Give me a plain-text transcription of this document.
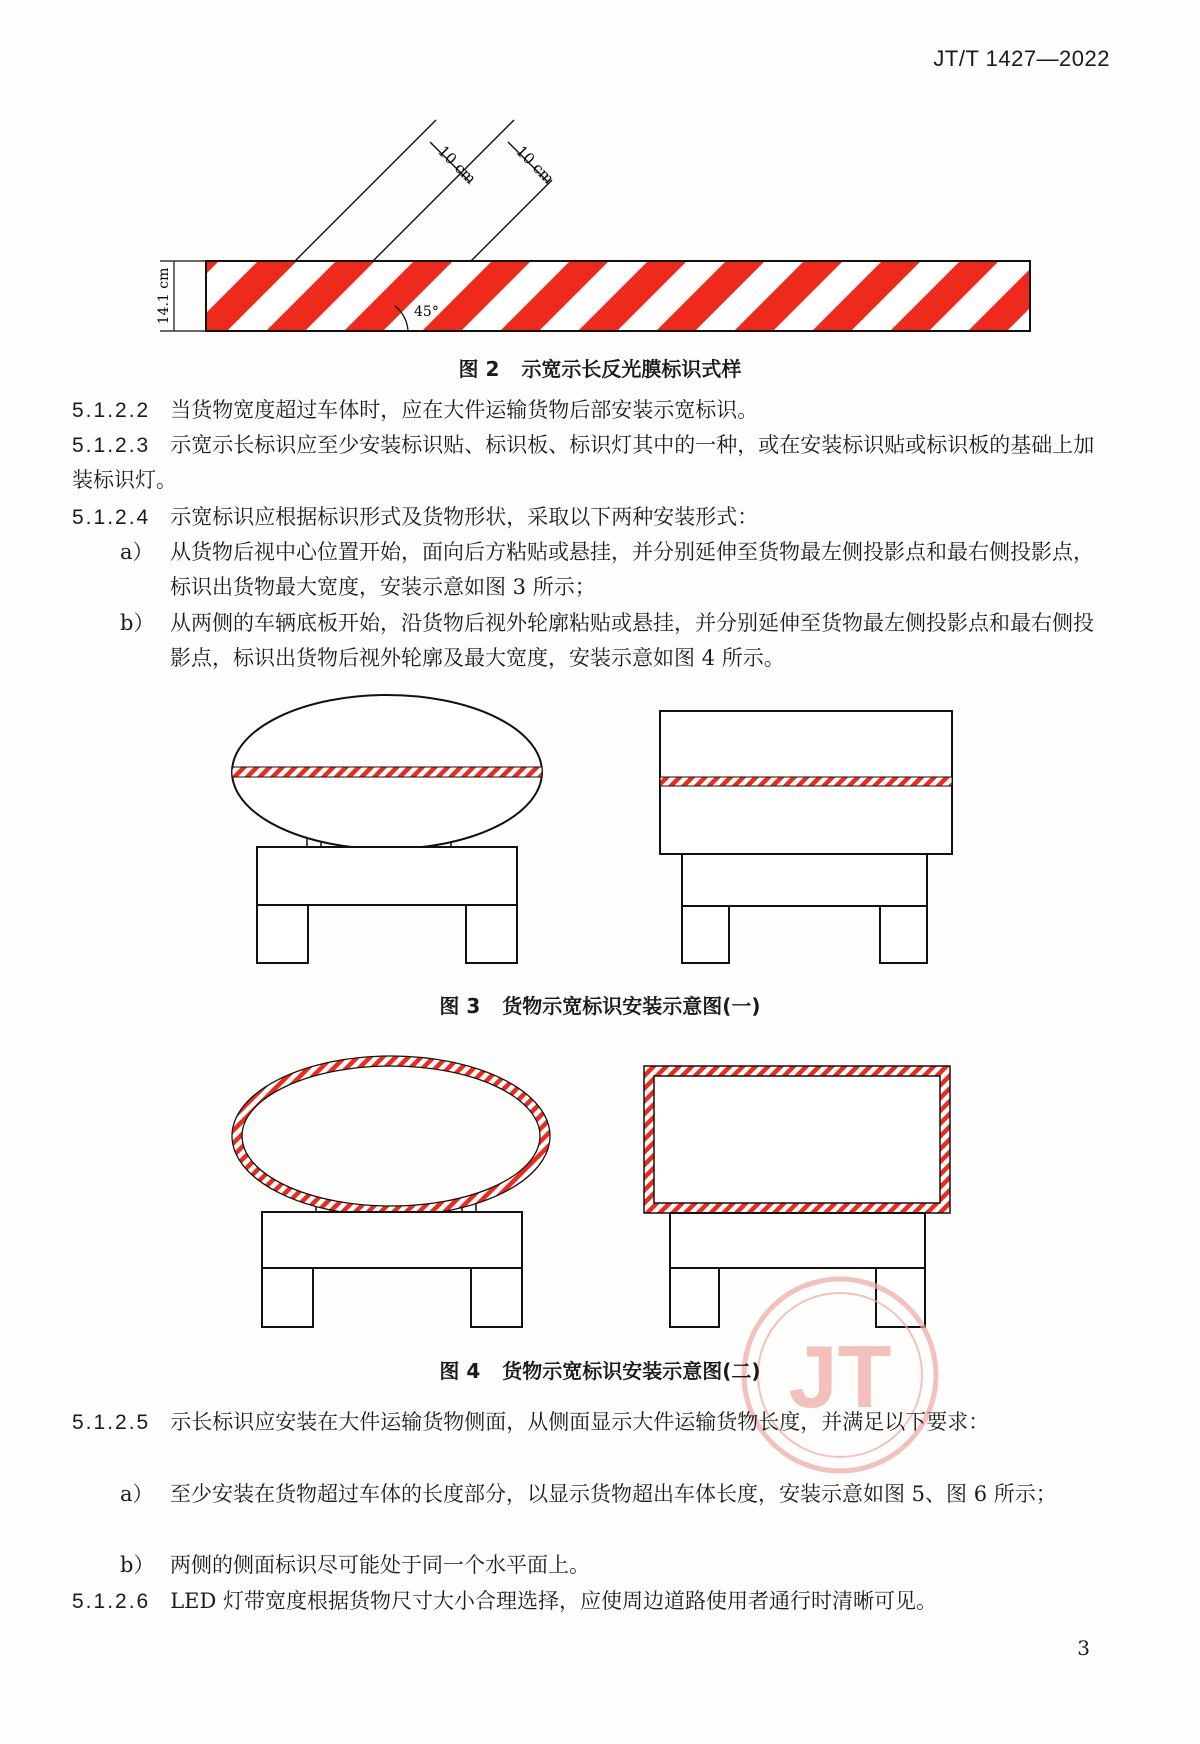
JT/T 1427—2022
10 cm 10 cm
14.1 cm	45°
图 2 示宽示长反光膜标识式样

5.1.2.2 当货物宽度超过车体时，应在大件运输货物后部安装示宽标识。

5.1.2.3 示宽示长标识应至少安装标识贴、标识板、标识灯其中的一种，或在安装标识贴或标识板的基础上加装标识灯。

5.1.2.4 示宽标识应根据标识形式及货物形状，采取以下两种安装形式：

a） 从货物后视中心位置开始，面向后方粘贴或悬挂，并分别延伸至货物最左侧投影点和最右侧投影点，标识出货物最大宽度，安装示意如图 3 所示；
b） 从两侧的车辆底板开始，沿货物后视外轮廓粘贴或悬挂，并分别延伸至货物最左侧投影点和最右侧投影点，标识出货物后视外轮廓及最大宽度，安装示意如图 4 所示。
图 3 货物示宽标识安装示意图(一)
JT
图 4 货物示宽标识安装示意图(二)

5.1.2.5 示长标识应安装在大件运输货物侧面，从侧面显示大件运输货物长度，并满足以下要求：

a） 至少安装在货物超过车体的长度部分，以显示货物超出车体长度，安装示意如图 5、图 6 所示；
b） 两侧的侧面标识尽可能处于同一个水平面上。

5.1.2.6 LED 灯带宽度根据货物尺寸大小合理选择，应使周边道路使用者通行时清晰可见。

3
